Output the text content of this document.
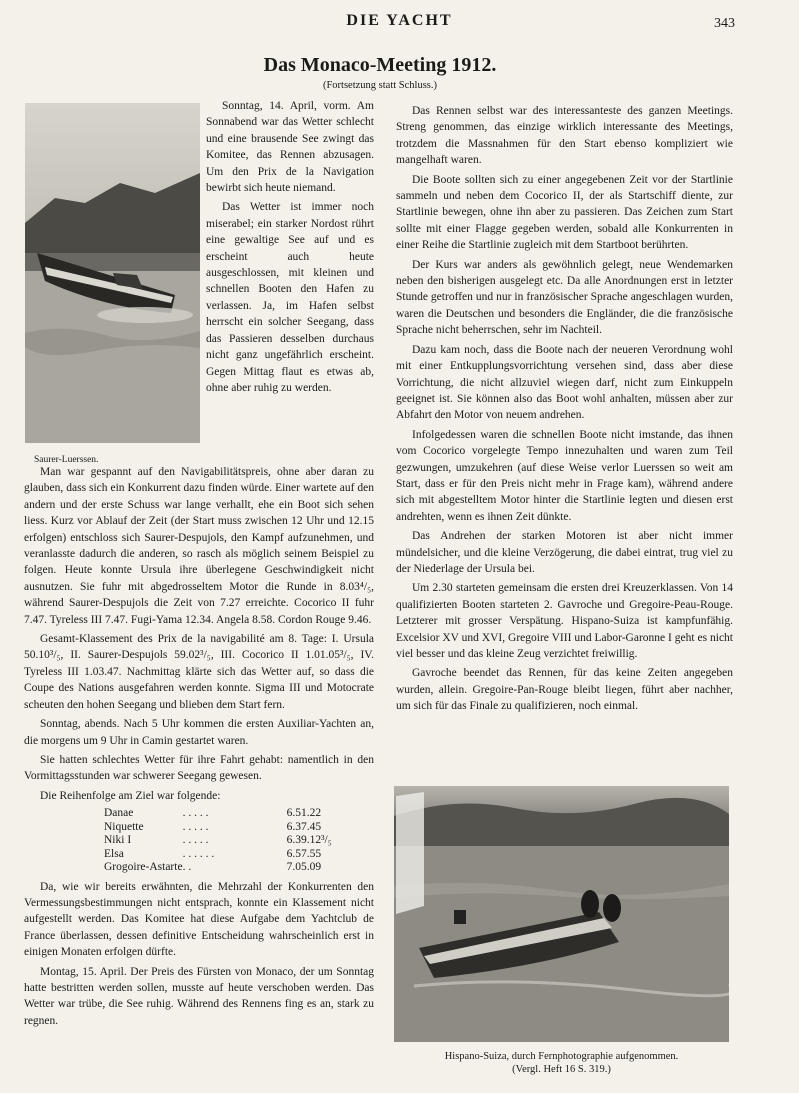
DIE YACHT	343
Das Monaco-Meeting 1912.
(Fortsetzung statt Schluss.)
Saurer-Luerssen.

Sonntag, 14. April, vorm. Am Sonnabend war das Wetter schlecht und eine brausende See zwingt das Komitee, das Rennen abzusagen. Um den Prix de la Navigation bewirbt sich heute niemand.

Das Wetter ist immer noch miserabel; ein starker Nordost rührt eine gewaltige See auf und es erscheint auch heute ausgeschlossen, mit kleinen und schnellen Booten den Hafen zu verlassen. Ja, im Hafen selbst herrscht ein solcher Seegang, dass das Passieren desselben durchaus nicht ganz ungefährlich erscheint. Gegen Mittag flaut es etwas ab, ohne aber ruhig zu werden.

Man war gespannt auf den Navigabilitätspreis, ohne aber daran zu glauben, dass sich ein Konkurrent dazu finden würde. Einer wartete auf den andern und der erste Schuss war lange verhallt, ehe ein Boot sich sehen liess. Kurz vor Ablauf der Zeit (der Start muss zwischen 12 Uhr und 12.15 erfolgen) entschloss sich Saurer-Despujols, den Kampf aufzunehmen, und veranlasste dadurch die anderen, so rasch als möglich seinem Beispiel zu folgen. Heute konnte Ursula ihre überlegene Geschwindigkeit nicht ausnutzen. Sie fuhr mit abgedrosseltem Motor die Runde in 8.03⁴/₅, während Saurer-Despujols die Zeit von 7.27 erreichte. Cocorico II fuhr 7.47. Tyreless III 7.47. Fugi-Yama 12.34. Angela 8.58. Cordon Rouge 9.46.

Gesamt-Klassement des Prix de la navigabilité am 8. Tage: I. Ursula 50.10³/₅, II. Saurer-Despujols 59.02³/₅, III. Cocorico II 1.01.05³/₅, IV. Tyreless III 1.03.47. Nachmittag klärte sich das Wetter auf, so dass die Coupe des Nations ausgefahren werden konnte. Sigma III und Motocrate scheuten den hohen Seegang und blieben dem Start fern.

Sonntag, abends. Nach 5 Uhr kommen die ersten Auxiliar-Yachten an, die morgens um 9 Uhr in Camin gestartet waren.

Sie hatten schlechtes Wetter für ihre Fahrt gehabt: namentlich in den Vormittagsstunden war schwerer Seegang gewesen.

Die Reihenfolge am Ziel war folgende:

Danae	. . . . .	6.51.22
Niquette	. . . . .	6.37.45
Niki I	. . . . .	6.39.12³/₅
Elsa	. . . . . .	6.57.55
Grogoire-Astarte	. .	7.05.09

Da, wie wir bereits erwähnten, die Mehrzahl der Konkurrenten den Vermessungsbestimmungen nicht entsprach, konnte ein Klassement nicht aufgestellt werden. Das Komitee hat diese Aufgabe dem Yachtclub de France überlassen, dessen definitive Entscheidung wahrscheinlich erst in einigen Monaten erfolgen dürfte.

Montag, 15. April. Der Preis des Fürsten von Monaco, der um Sonntag hatte bestritten werden sollen, musste auf heute verschoben werden. Das Wetter war trübe, die See ruhig. Während des Rennens fing es an, stark zu regnen.

Das Rennen selbst war des interessanteste des ganzen Meetings. Streng genommen, das einzige wirklich interessante des Meetings, trotzdem die Massnahmen für den Start ebenso kompliziert wie mangelhaft waren.

Die Boote sollten sich zu einer angegebenen Zeit vor der Startlinie sammeln und neben dem Cocorico II, der als Startschiff diente, zur Startlinie bewegen, ohne ihn aber zu passieren. Das Zeichen zum Start sollte mit einer Flagge gegeben werden, sobald alle Konkurrenten in einer Reihe die Startlinie zugleich mit dem Startboot berührten.

Der Kurs war anders als gewöhnlich gelegt, neue Wendemarken neben den bisherigen ausgelegt etc. Da alle Anordnungen erst in letzter Stunde getroffen und nur in französischer Sprache angeschlagen wurden, waren die Deutschen und besonders die Engländer, die die französische Sprache nicht beherrschen, sehr im Nachteil.

Dazu kam noch, dass die Boote nach der neueren Verordnung wohl mit einer Entkupplungsvorrichtung versehen sind, dass aber diese Vorrichtung, die nicht allzuviel wiegen darf, nicht zum Einkuppeln geeignet ist. Sie können also das Boot wohl anhalten, müssen aber zur Abfahrt den Motor von neuem andrehen.

Infolgedessen waren die schnellen Boote nicht imstande, das ihnen vom Cocorico vorgelegte Tempo innezuhalten und waren zum Teil gezwungen, umzukehren (auf diese Weise verlor Luerssen so weit am Start, dass er für den Preis nicht mehr in Frage kam), während andere sich mit abgestelltem Motor hinter die Startlinie legten und diesen erst andrehten, wenn es ihnen Zeit dünkte.

Das Andrehen der starken Motoren ist aber nicht immer mündelsicher, und die kleine Verzögerung, die dabei eintrat, trug viel zu der Niederlage der Ursula bei.

Um 2.30 starteten gemeinsam die ersten drei Kreuzerklassen. Von 14 qualifizierten Booten starteten 2. Gavroche und Gregoire-Peau-Rouge. Letzterer mit grosser Verspätung. Hispano-Suiza ist kampfunfähig. Excelsior XV und XVI, Gregoire VIII und Labor-Garonne I geht es nicht viel besser und das kleine Zeug verzichtet freiwillig.

Gavroche beendet das Rennen, für das keine Zeiten angegeben wurden, allein. Gregoire-Pan-Rouge bleibt liegen, führt aber nachher, um sich für das Finale zu qualifizieren, noch einmal.

Hispano-Suiza, durch Fernphotographie aufgenommen.
(Vergl. Heft 16 S. 319.)
